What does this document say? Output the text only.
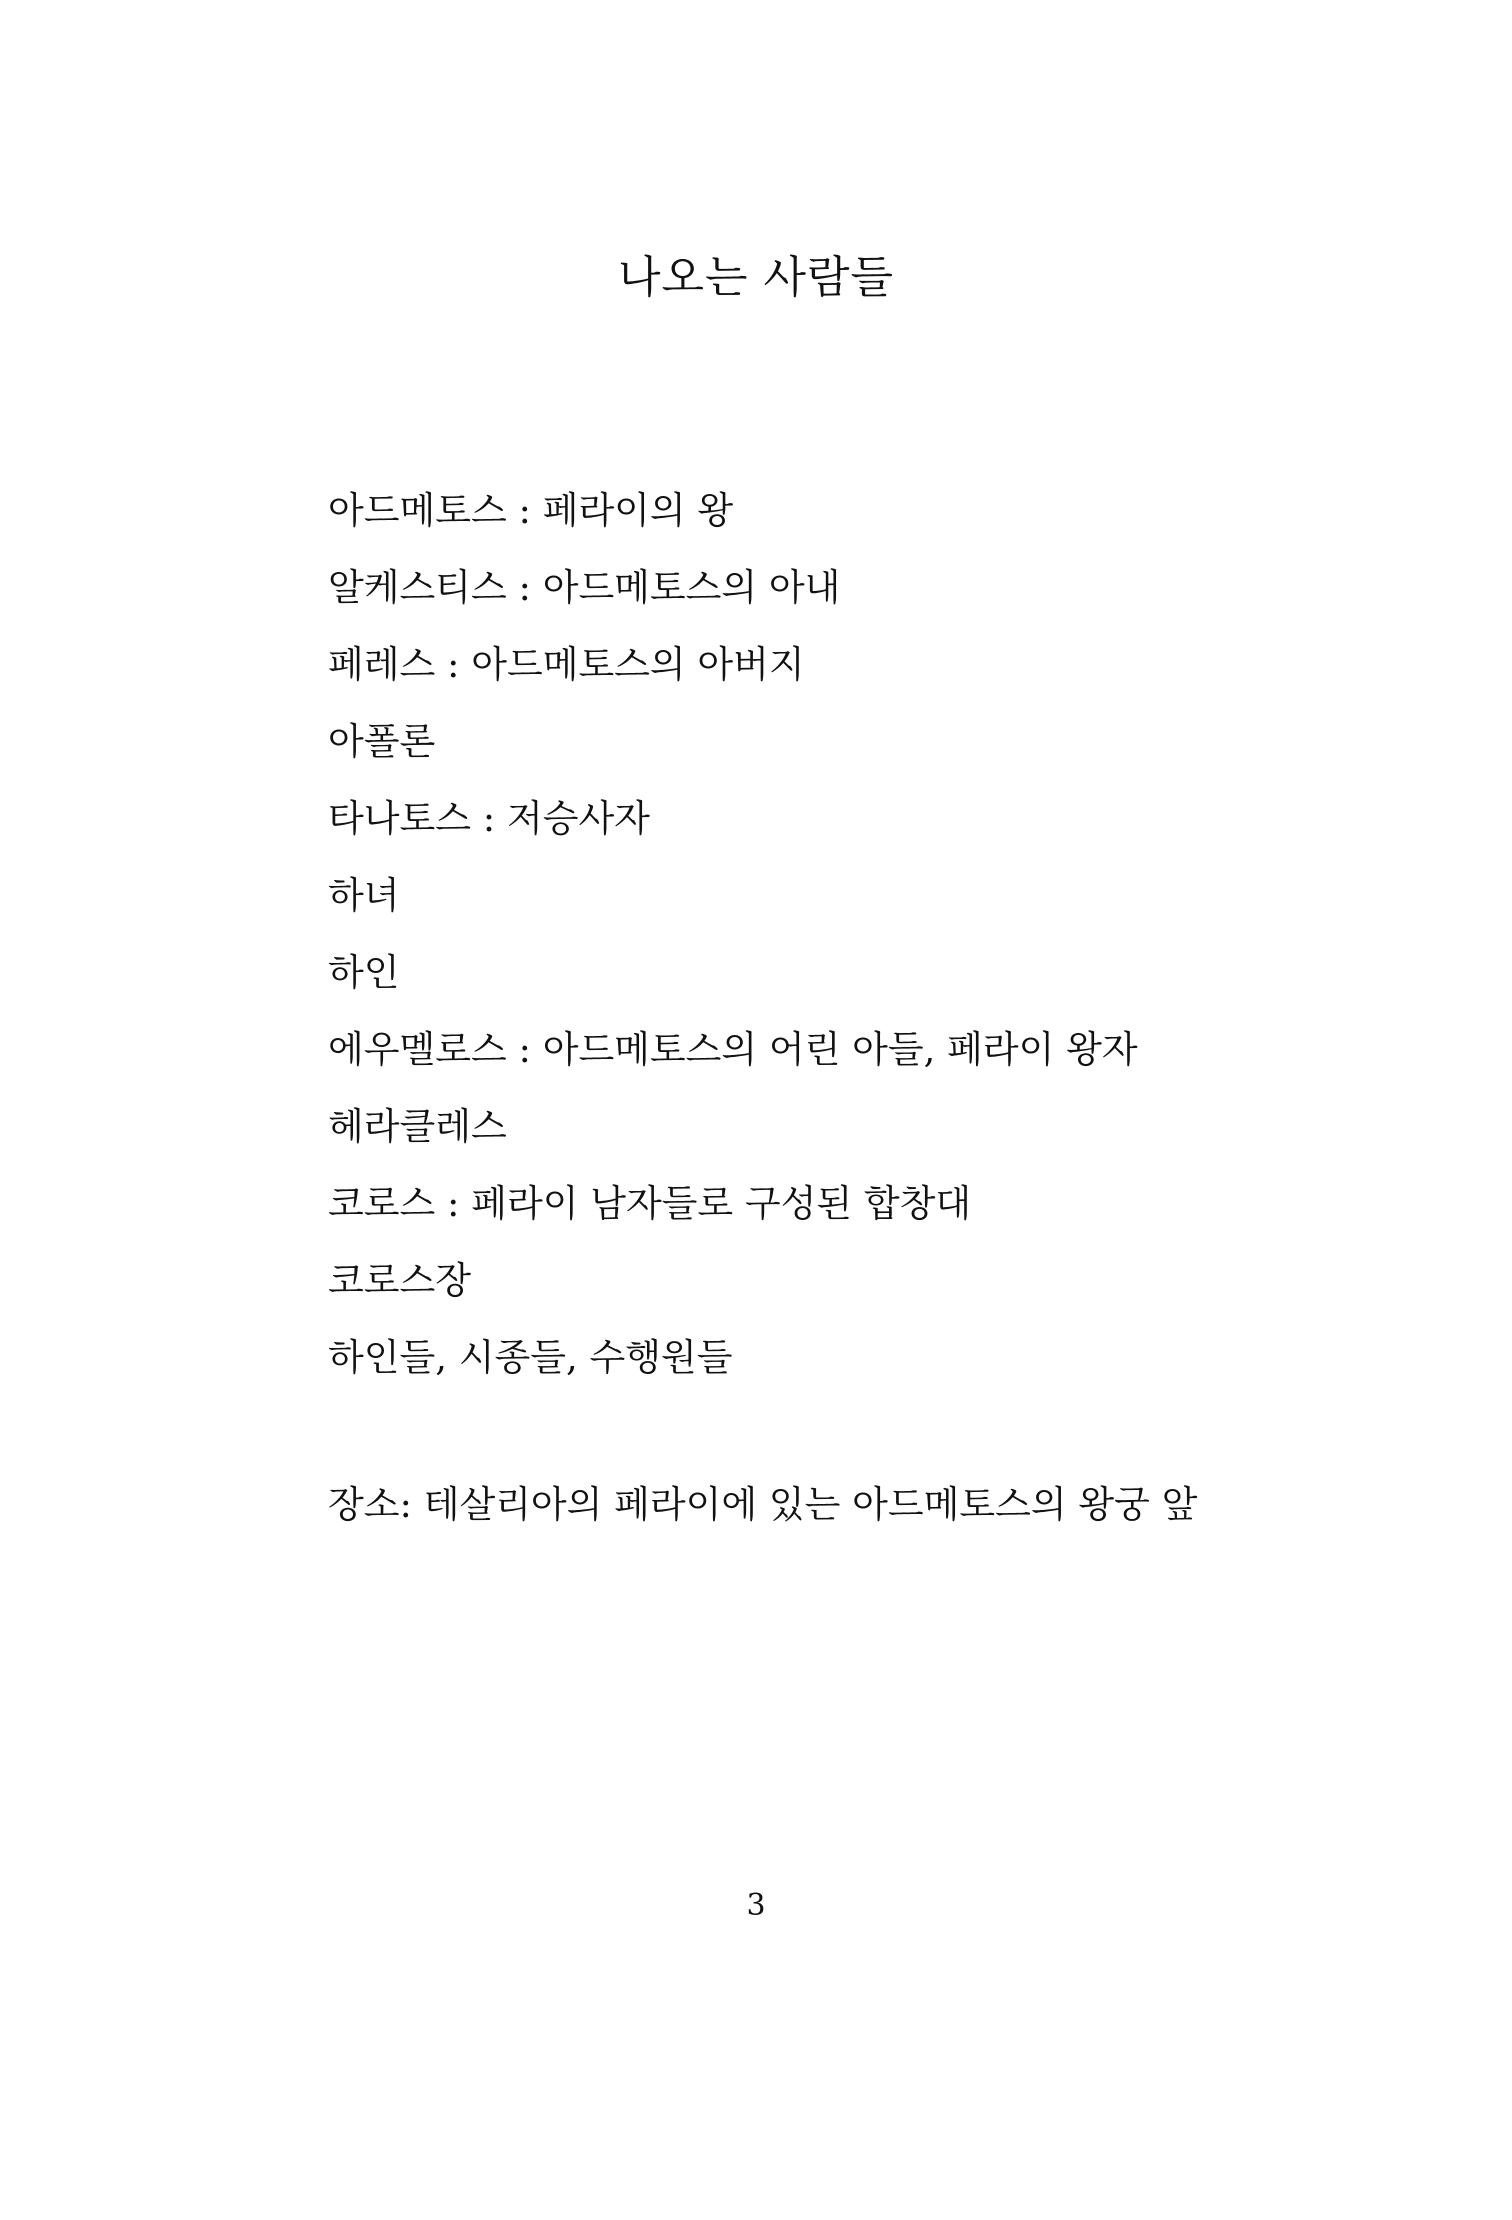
나오는 사람들
아드메토스 : 페라이의 왕
알케스티스 : 아드메토스의 아내
페레스 : 아드메토스의 아버지
아폴론
타나토스 : 저승사자
하녀
하인
에우멜로스 : 아드메토스의 어린 아들, 페라이 왕자
헤라클레스
코로스 : 페라이 남자들로 구성된 합창대
코로스장
하인들, 시종들, 수행원들

장소: 테살리아의 페라이에 있는 아드메토스의 왕궁 앞

3
